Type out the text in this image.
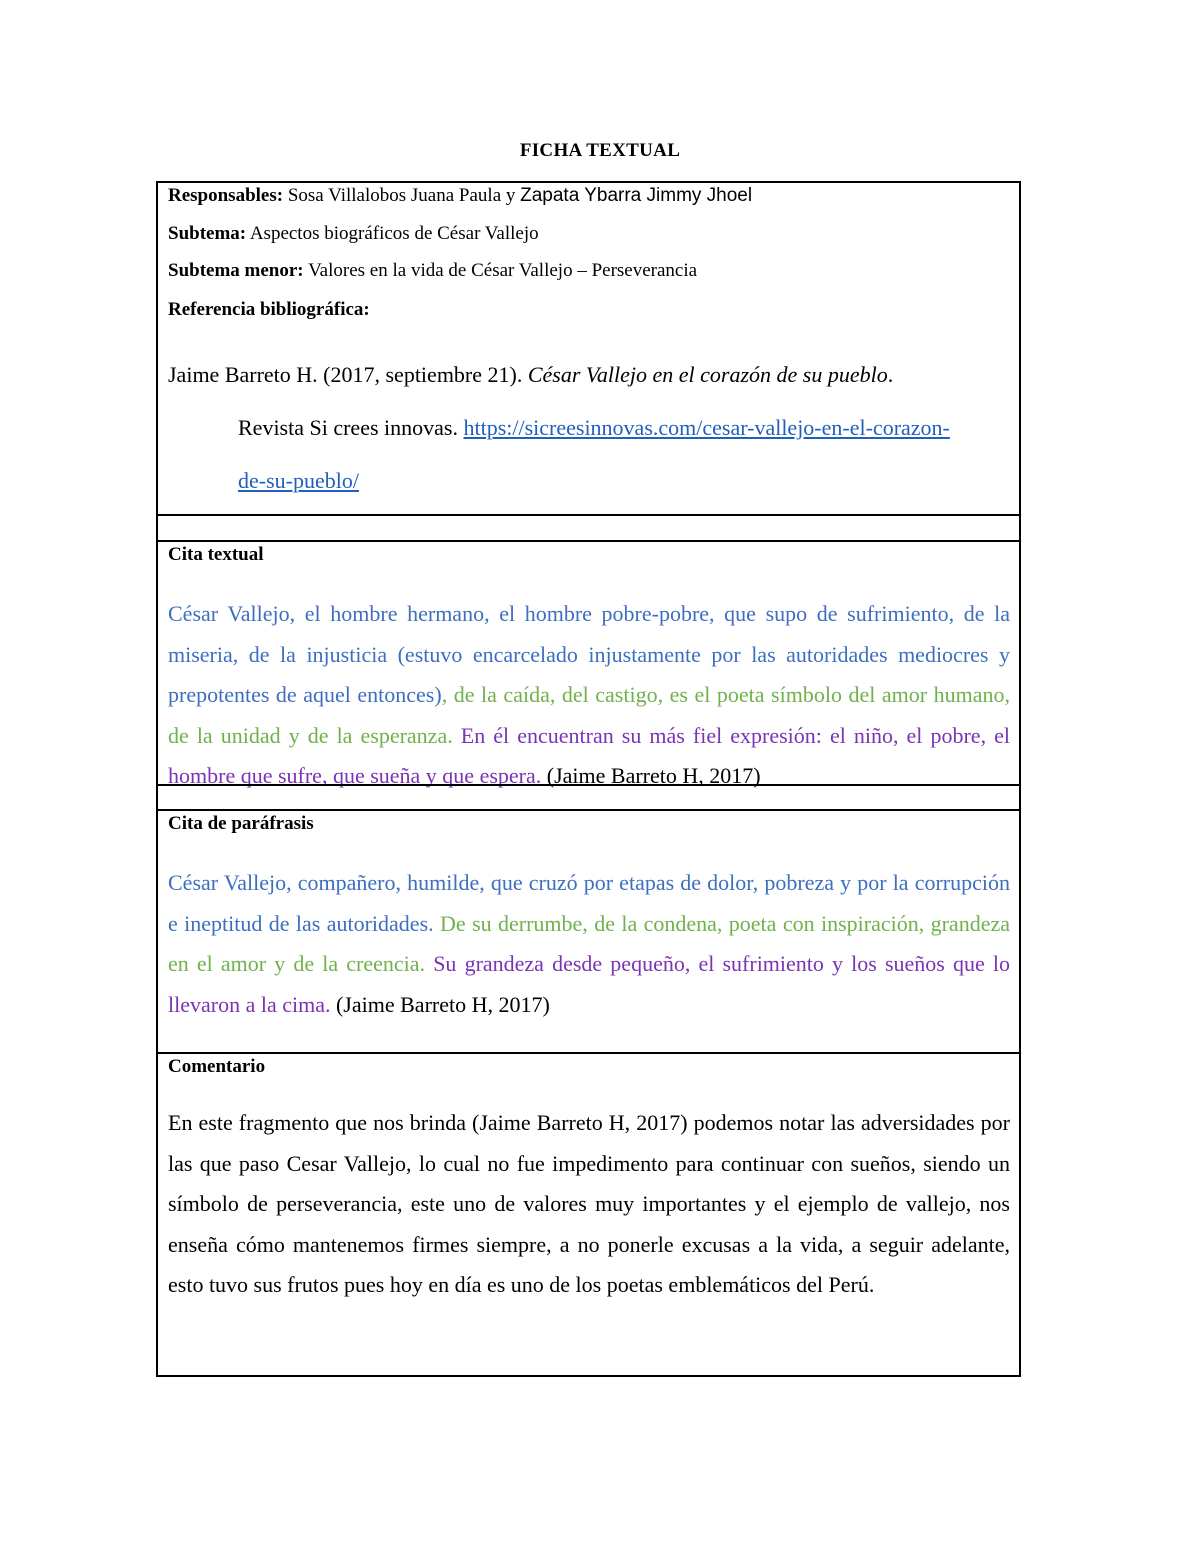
FICHA TEXTUAL
Responsables: Sosa Villalobos Juana Paula y Zapata Ybarra Jimmy Jhoel
Subtema: Aspectos biográficos de César Vallejo
Subtema menor: Valores en la vida de César Vallejo – Perseverancia
Referencia bibliográfica:
Jaime Barreto H. (2017, septiembre 21). César Vallejo en el corazón de su pueblo.
Revista Si crees innovas. https://sicreesinnovas.com/cesar-vallejo-en-el-corazon-
de-su-pueblo/
Cita textual
César Vallejo, el hombre hermano, el hombre pobre-pobre, que supo de sufrimiento, de la miseria, de la injusticia (estuvo encarcelado injustamente por las autoridades mediocres y prepotentes de aquel entonces), de la caída, del castigo, es el poeta símbolo del amor humano, de la unidad y de la esperanza. En él encuentran su más fiel expresión: el niño, el pobre, el hombre que sufre, que sueña y que espera. (Jaime Barreto H, 2017)
Cita de paráfrasis
César Vallejo, compañero, humilde, que cruzó por etapas de dolor, pobreza y por la corrupción e ineptitud de las autoridades. De su derrumbe, de la condena, poeta con inspiración, grandeza en el amor y de la creencia. Su grandeza desde pequeño, el sufrimiento y los sueños que lo llevaron a la cima. (Jaime Barreto H, 2017)
Comentario
En este fragmento que nos brinda (Jaime Barreto H, 2017) podemos notar las adversidades por las que paso Cesar Vallejo, lo cual no fue impedimento para continuar con sueños, siendo un símbolo de perseverancia, este uno de valores muy importantes y el ejemplo de vallejo, nos enseña cómo mantenemos firmes siempre, a no ponerle excusas a la vida, a seguir adelante, esto tuvo sus frutos pues hoy en día es uno de los poetas emblemáticos del Perú.
